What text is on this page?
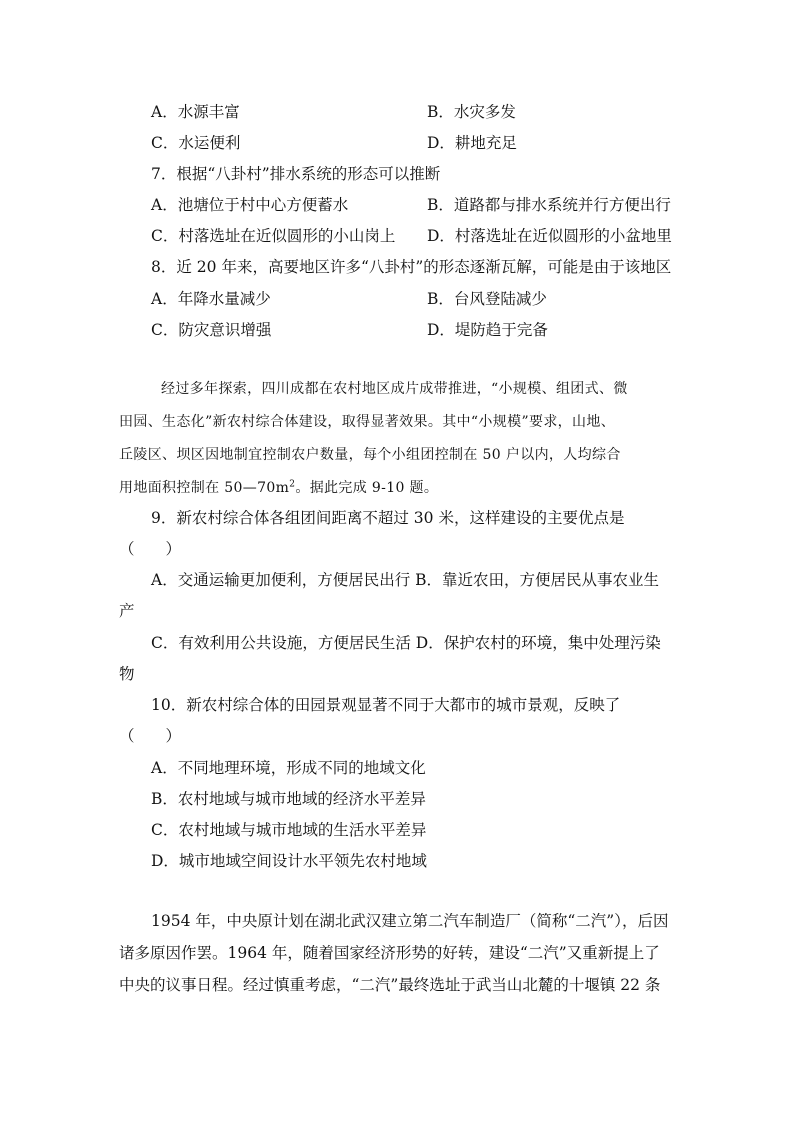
A．水源丰富	B．水灾多发
C．水运便利	D．耕地充足
7．根据“八卦村”排水系统的形态可以推断
A．池塘位于村中心方便蓄水	B．道路都与排水系统并行方便出行
C．村落选址在近似圆形的小山岗上 D．村落选址在近似圆形的小盆地里
8．近 20 年来，高要地区许多“八卦村”的形态逐渐瓦解，可能是由于该地区
A．年降水量减少	B．台风登陆减少
C．防灾意识增强	D．堤防趋于完备
经过多年探索，四川成都在农村地区成片成带推进，“小规模、组团式、微
田园、生态化”新农村综合体建设，取得显著效果。其中“小规模”要求，山地、
丘陵区、坝区因地制宜控制农户数量，每个小组团控制在 50 户以内，人均综合
用地面积控制在 $50—70m^2$。据此完成 9-10 题。
9．新农村综合体各组团间距离不超过 30 米，这样建设的主要优点是
（　　）
A．交通运输更加便利，方便居民出行 B．靠近农田，方便居民从事农业生
产
C．有效利用公共设施，方便居民生活 D．保护农村的环境，集中处理污染
物
10．新农村综合体的田园景观显著不同于大都市的城市景观，反映了
（　　）
A．不同地理环境，形成不同的地域文化
B．农村地域与城市地域的经济水平差异
C．农村地域与城市地域的生活水平差异
D．城市地域空间设计水平领先农村地域
1954 年，中央原计划在湖北武汉建立第二汽车制造厂（简称“二汽”），后因
诸多原因作罢。1964 年，随着国家经济形势的好转，建设“二汽”又重新提上了
中央的议事日程。经过慎重考虑，“二汽”最终选址于武当山北麓的十堰镇 22 条
